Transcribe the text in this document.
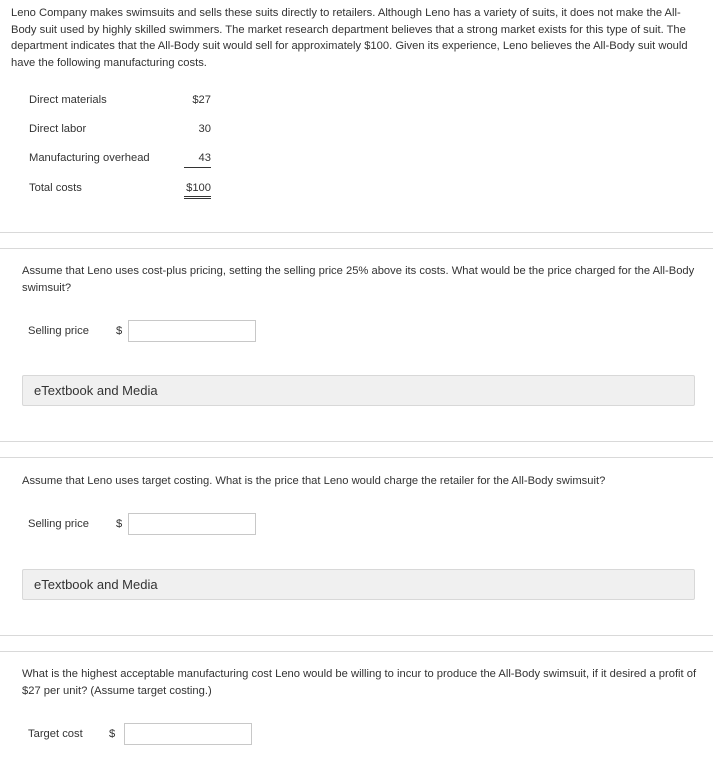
Leno Company makes swimsuits and sells these suits directly to retailers. Although Leno has a variety of suits, it does not make the All-Body suit used by highly skilled swimmers. The market research department believes that a strong market exists for this type of suit. The department indicates that the All-Body suit would sell for approximately $100. Given its experience, Leno believes the All-Body suit would have the following manufacturing costs.
Direct materials	$27
Direct labor	30
Manufacturing overhead	43
Total costs	$100
Assume that Leno uses cost-plus pricing, setting the selling price 25% above its costs. What would be the price charged for the All-Body swimsuit?
Selling price $
eTextbook and Media
Assume that Leno uses target costing. What is the price that Leno would charge the retailer for the All-Body swimsuit?
Selling price $
eTextbook and Media
What is the highest acceptable manufacturing cost Leno would be willing to incur to produce the All-Body swimsuit, if it desired a profit of $27 per unit? (Assume target costing.)
Target cost $
